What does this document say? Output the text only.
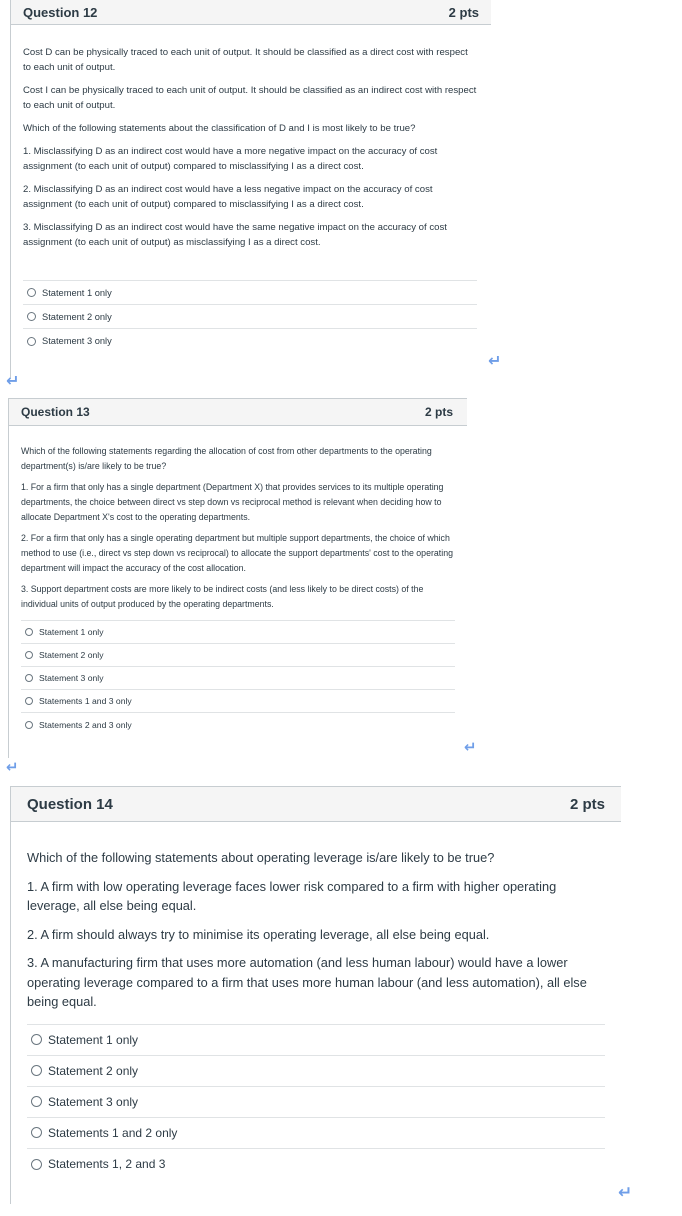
Question 12	2 pts

Cost D can be physically traced to each unit of output. It should be classified as a direct cost with respect to each unit of output.

Cost I can be physically traced to each unit of output. It should be classified as an indirect cost with respect to each unit of output.

Which of the following statements about the classification of D and I is most likely to be true?

1. Misclassifying D as an indirect cost would have a more negative impact on the accuracy of cost assignment (to each unit of output) compared to misclassifying I as a direct cost.

2. Misclassifying D as an indirect cost would have a less negative impact on the accuracy of cost assignment (to each unit of output) compared to misclassifying I as a direct cost.

3. Misclassifying D as an indirect cost would have the same negative impact on the accuracy of cost assignment (to each unit of output) as misclassifying I as a direct cost.

Statement 1 only
Statement 2 only
Statement 3 only
↵
↵
Question 13	2 pts

Which of the following statements regarding the allocation of cost from other departments to the operating department(s) is/are likely to be true?

1. For a firm that only has a single department (Department X) that provides services to its multiple operating departments, the choice between direct vs step down vs reciprocal method is relevant when deciding how to allocate Department X's cost to the operating departments.

2. For a firm that only has a single operating department but multiple support departments, the choice of which method to use (i.e., direct vs step down vs reciprocal) to allocate the support departments' cost to the operating department will impact the accuracy of the cost allocation.

3. Support department costs are more likely to be indirect costs (and less likely to be direct costs) of the individual units of output produced by the operating departments.

Statement 1 only
Statement 2 only
Statement 3 only
Statements 1 and 3 only
Statements 2 and 3 only
↵
↵
Question 14	2 pts

Which of the following statements about operating leverage is/are likely to be true?

1. A firm with low operating leverage faces lower risk compared to a firm with higher operating leverage, all else being equal.

2. A firm should always try to minimise its operating leverage, all else being equal.

3. A manufacturing firm that uses more automation (and less human labour) would have a lower operating leverage compared to a firm that uses more human labour (and less automation), all else being equal.

Statement 1 only
Statement 2 only
Statement 3 only
Statements 1 and 2 only
Statements 1, 2 and 3
↵
